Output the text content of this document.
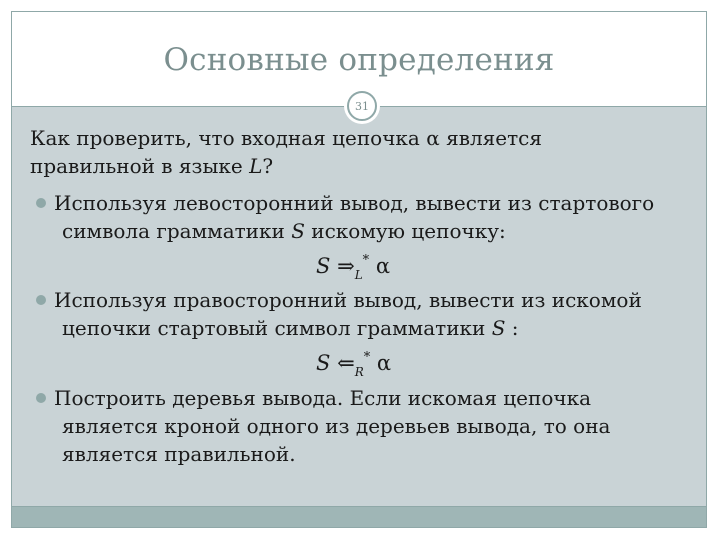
Основные определения
31
Как проверить, что входная цепочка α является
правильной в языке L?
Используя левосторонний вывод, вывести из стартового
символа грамматики S искомую цепочку:
S $\Rightarrow_L^*$ α
Используя правосторонний вывод, вывести из искомой
цепочки стартовый символ грамматики S :
S $⇐_R^*$ α
Построить деревья вывода. Если искомая цепочка
является кроной одного из деревьев вывода, то она
является правильной.
